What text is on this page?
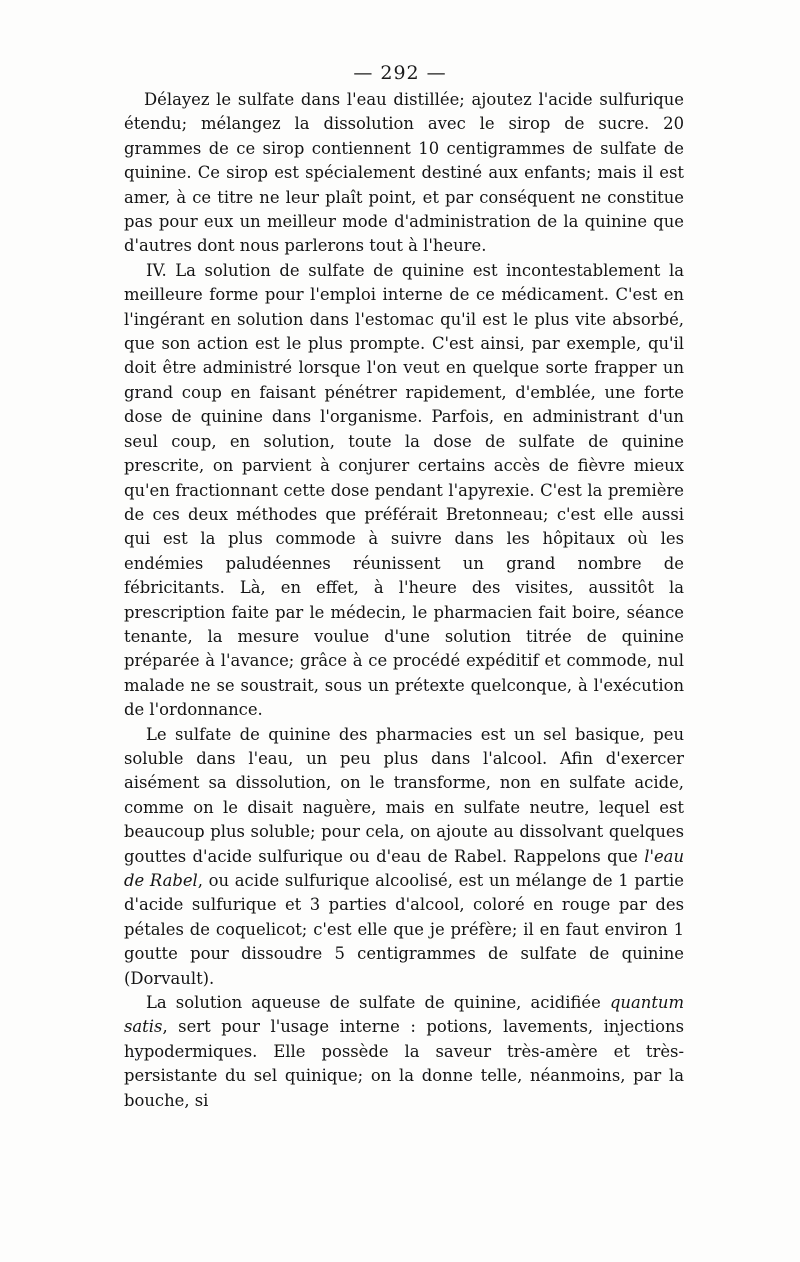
— 292 —

Délayez le sulfate dans l'eau distillée; ajoutez l'acide sulfurique étendu; mélangez la dissolution avec le sirop de sucre. 20 grammes de ce sirop contiennent 10 centigrammes de sulfate de quinine. Ce sirop est spécialement destiné aux enfants; mais il est amer, à ce titre ne leur plaît point, et par conséquent ne constitue pas pour eux un meilleur mode d'administration de la quinine que d'autres dont nous parlerons tout à l'heure.

IV. La solution de sulfate de quinine est incontestablement la meilleure forme pour l'emploi interne de ce médicament. C'est en l'ingérant en solution dans l'estomac qu'il est le plus vite absorbé, que son action est le plus prompte. C'est ainsi, par exemple, qu'il doit être administré lorsque l'on veut en quelque sorte frapper un grand coup en faisant pénétrer rapidement, d'emblée, une forte dose de quinine dans l'organisme. Parfois, en administrant d'un seul coup, en solution, toute la dose de sulfate de quinine prescrite, on parvient à conjurer certains accès de fièvre mieux qu'en fractionnant cette dose pendant l'apyrexie. C'est la première de ces deux méthodes que préférait Bretonneau; c'est elle aussi qui est la plus commode à suivre dans les hôpitaux où les endémies paludéennes réunissent un grand nombre de fébricitants. Là, en effet, à l'heure des visites, aussitôt la prescription faite par le médecin, le pharmacien fait boire, séance tenante, la mesure voulue d'une solution titrée de quinine préparée à l'avance; grâce à ce procédé expéditif et commode, nul malade ne se soustrait, sous un prétexte quelconque, à l'exécution de l'ordonnance.

Le sulfate de quinine des pharmacies est un sel basique, peu soluble dans l'eau, un peu plus dans l'alcool. Afin d'exercer aisément sa dissolution, on le transforme, non en sulfate acide, comme on le disait naguère, mais en sulfate neutre, lequel est beaucoup plus soluble; pour cela, on ajoute au dissolvant quelques gouttes d'acide sulfurique ou d'eau de Rabel. Rappelons que l'eau de Rabel, ou acide sulfurique alcoolisé, est un mélange de 1 partie d'acide sulfurique et 3 parties d'alcool, coloré en rouge par des pétales de coquelicot; c'est elle que je préfère; il en faut environ 1 goutte pour dissoudre 5 centigrammes de sulfate de quinine (Dorvault).

La solution aqueuse de sulfate de quinine, acidifiée quantum satis, sert pour l'usage interne : potions, lavements, injections hypodermiques. Elle possède la saveur très-amère et très-persistante du sel quinique; on la donne telle, néanmoins, par la bouche, si
